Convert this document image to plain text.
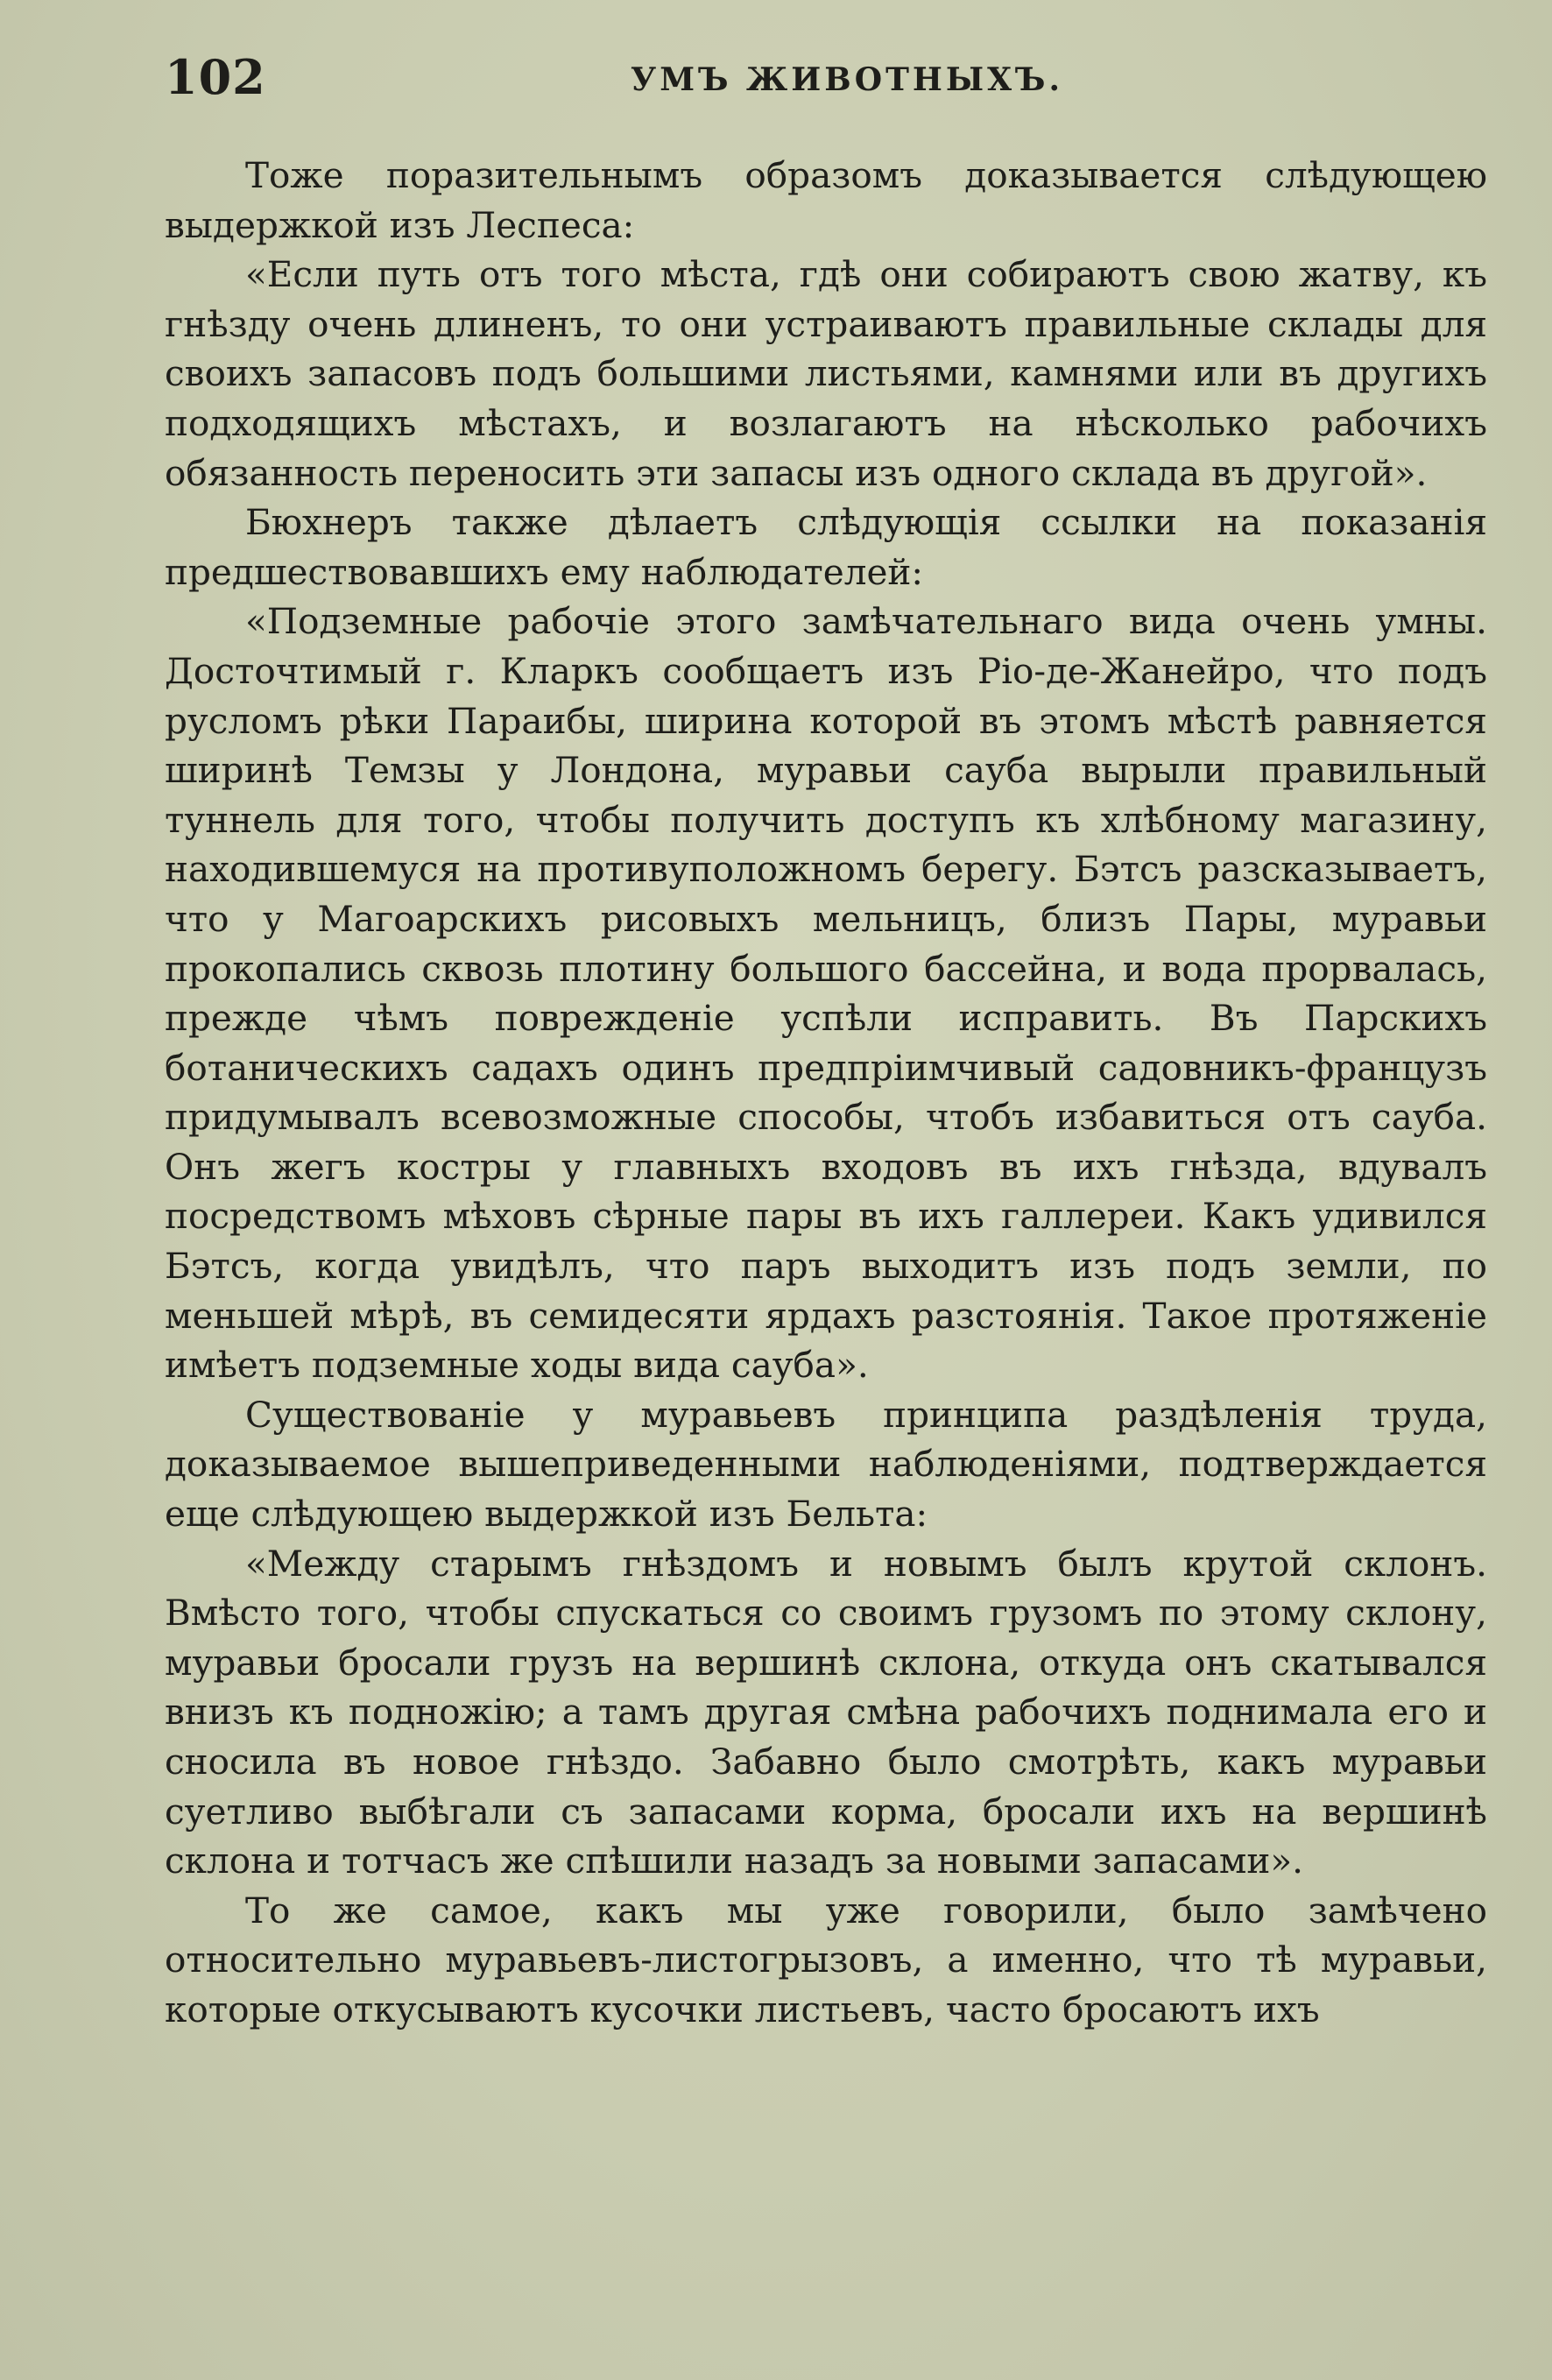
102	УМЪ ЖИВОТНЫХЪ.

Тоже поразительнымъ образомъ доказывается слѣдующею выдержкой изъ Леспеса:

«Если путь отъ того мѣста, гдѣ они собираютъ свою жатву, къ гнѣзду очень длиненъ, то они устраиваютъ правильные склады для своихъ запасовъ подъ большими листьями, камнями или въ другихъ подходящихъ мѣстахъ, и возлагаютъ на нѣсколько рабочихъ обязанность переносить эти запасы изъ одного склада въ другой».

Бюхнеръ также дѣлаетъ слѣдующія ссылки на показанія предшествовавшихъ ему наблюдателей:

«Подземные рабочіе этого замѣчательнаго вида очень умны. Досточтимый г. Кларкъ сообщаетъ изъ Ріо-де-Жанейро, что подъ русломъ рѣки Параибы, ширина которой въ этомъ мѣстѣ равняется ширинѣ Темзы у Лондона, муравьи сауба вырыли правильный туннель для того, чтобы получить доступъ къ хлѣбному магазину, находившемуся на противуположномъ берегу. Бэтсъ разсказываетъ, что у Магоарскихъ рисовыхъ мельницъ, близъ Пары, муравьи прокопались сквозь плотину большого бассейна, и вода прорвалась, прежде чѣмъ поврежденіе успѣли исправить. Въ Парскихъ ботаническихъ садахъ одинъ предпріимчивый садовникъ-французъ придумывалъ всевозможные способы, чтобъ избавиться отъ сауба. Онъ жегъ костры у главныхъ входовъ въ ихъ гнѣзда, вдувалъ посредствомъ мѣховъ сѣрные пары въ ихъ галлереи. Какъ удивился Бэтсъ, когда увидѣлъ, что паръ выходитъ изъ подъ земли, по меньшей мѣрѣ, въ семидесяти ярдахъ разстоянія. Такое протяженіе имѣетъ подземные ходы вида сауба».

Существованіе у муравьевъ принципа раздѣленія труда, доказываемое вышеприведенными наблюденіями, подтверждается еще слѣдующею выдержкой изъ Бельта:

«Между старымъ гнѣздомъ и новымъ былъ крутой склонъ. Вмѣсто того, чтобы спускаться со своимъ грузомъ по этому склону, муравьи бросали грузъ на вершинѣ склона, откуда онъ скатывался внизъ къ подножію; а тамъ другая смѣна рабочихъ поднимала его и сносила въ новое гнѣздо. Забавно было смотрѣть, какъ муравьи суетливо выбѣгали съ запасами корма, бросали ихъ на вершинѣ склона и тотчасъ же спѣшили назадъ за новыми запасами».

То же самое, какъ мы уже говорили, было замѣчено относительно муравьевъ-листогрызовъ, а именно, что тѣ муравьи, которые откусываютъ кусочки листьевъ, часто бросаютъ ихъ
